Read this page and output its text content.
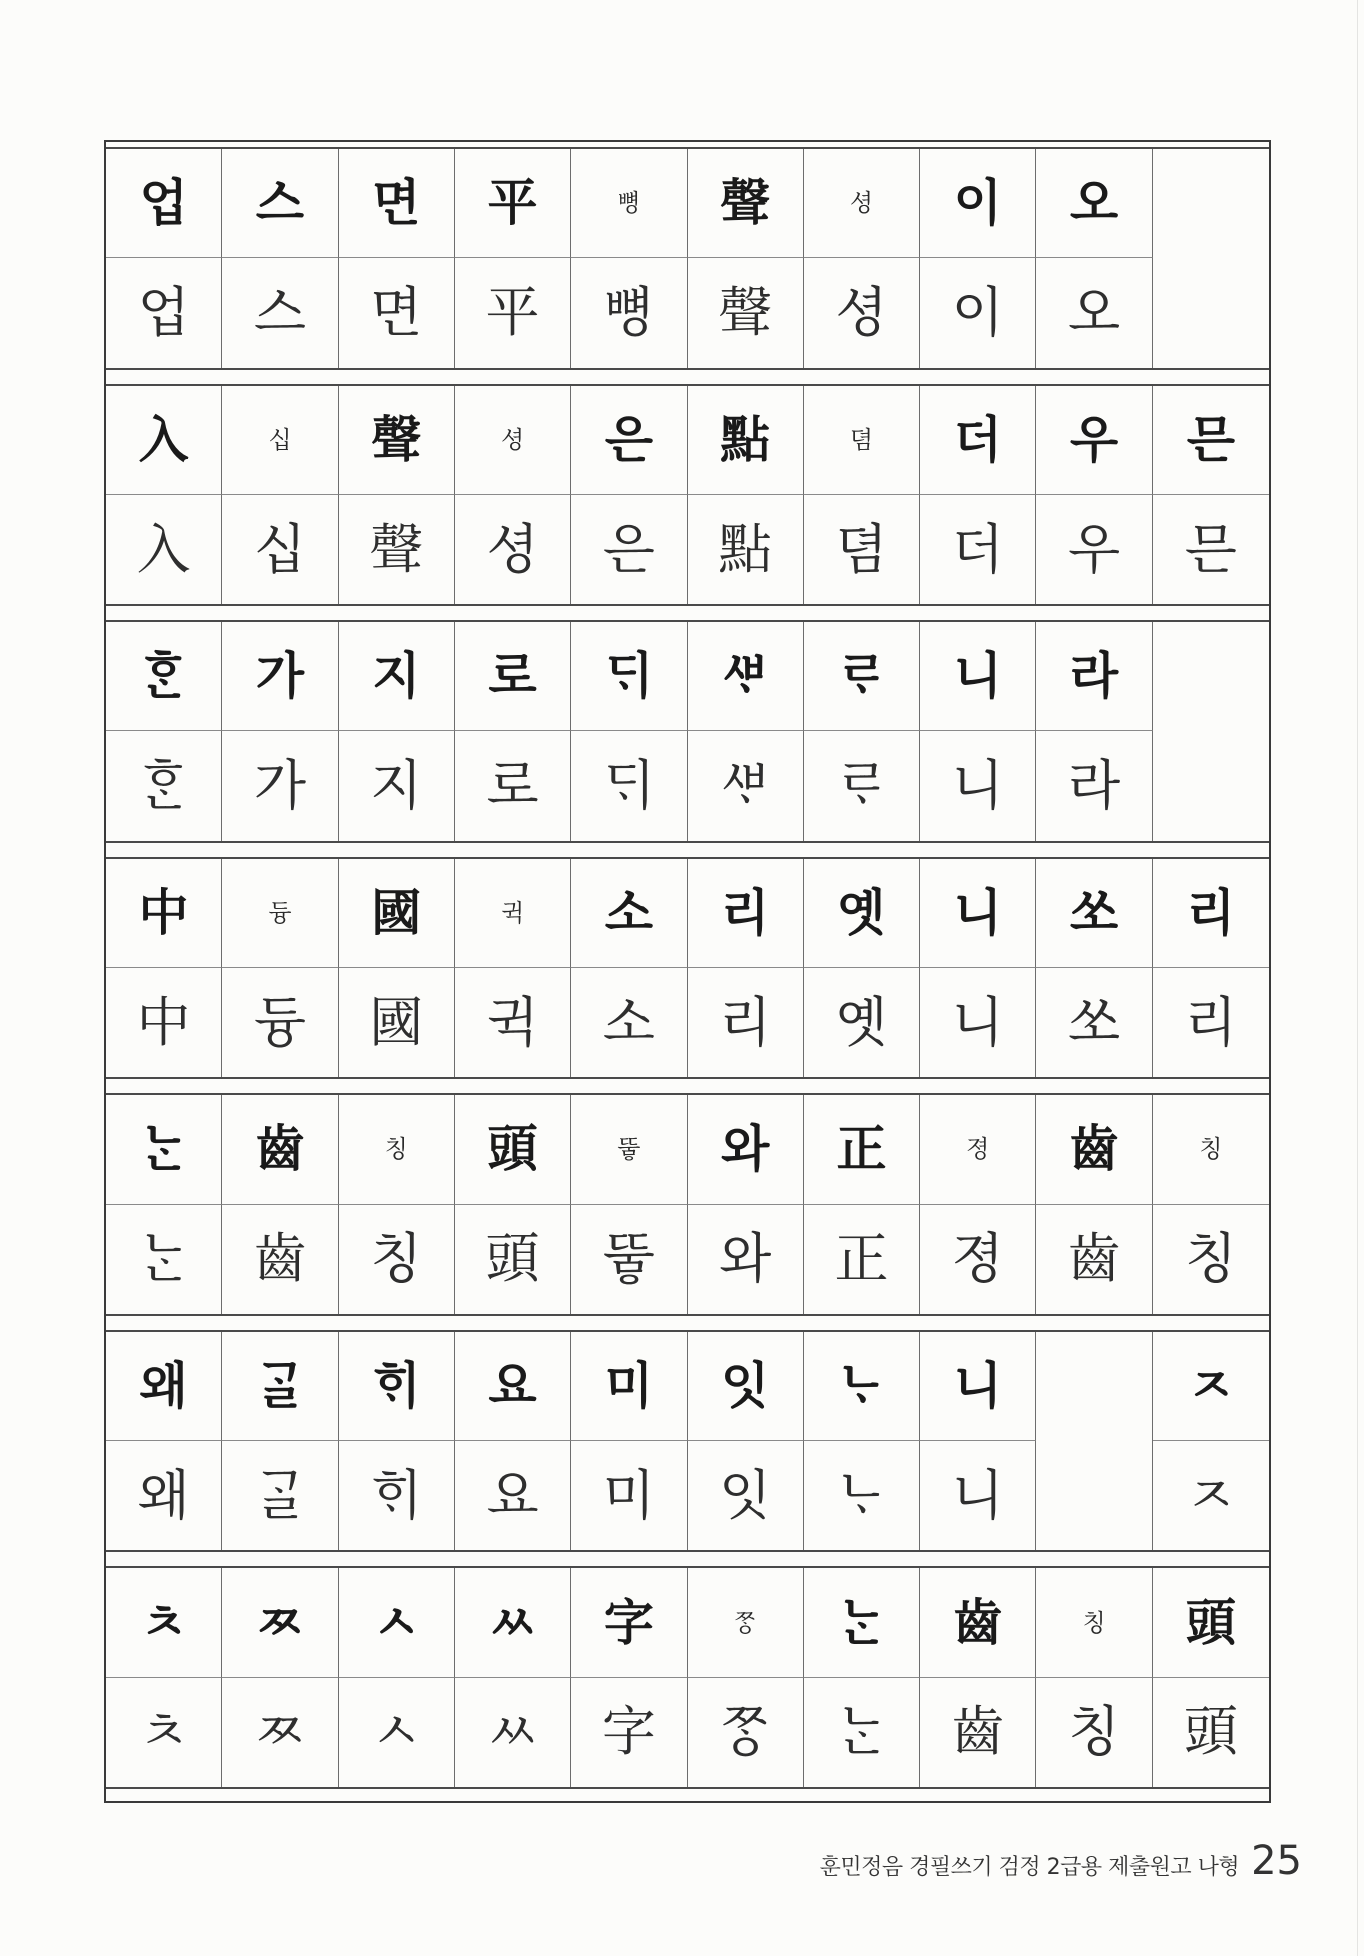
업
업
스
스
면
면
平
平
뼝
뼝
聲
聲
셩
셩
이
이
오
오
入
入
십
십
聲
聲
셩
셩
은
은
點
點
뎜
뎜
더
더
우
우
믄
믄
ᄒᆞᆫ
ᄒᆞᆫ
가
가
지
지
로
로
ᄃᆡ
ᄃᆡ
ᄲᆞ
ᄲᆞ
ᄅᆞ
ᄅᆞ
니
니
라
라
中
中
듕
듕
國
國
귁
귁
소
소
리
리
옛
옛
니
니
쏘
쏘
리
리
ᄂᆞᆫ
ᄂᆞᆫ
齒
齒
칭
칭
頭
頭
뚜ᇢ
뚜ᇢ
와
와
正
正
졍
졍
齒
齒
칭
칭
왜
왜
ᄀᆞᆯ
ᄀᆞᆯ
ᄒᆡ
ᄒᆡ
요
요
미
미
잇
잇
ᄂᆞ
ᄂᆞ
니
니
ㅈ
ㅈ
ㅊ
ㅊ
ㅉ
ㅉ
ㅅ
ㅅ
ㅆ
ㅆ
字
字
ᄍᆞᆼ
ᄍᆞᆼ
ᄂᆞᆫ
ᄂᆞᆫ
齒
齒
칭
칭
頭
頭
훈민정음 경필쓰기 검정 2급용 제출원고 나형 25
